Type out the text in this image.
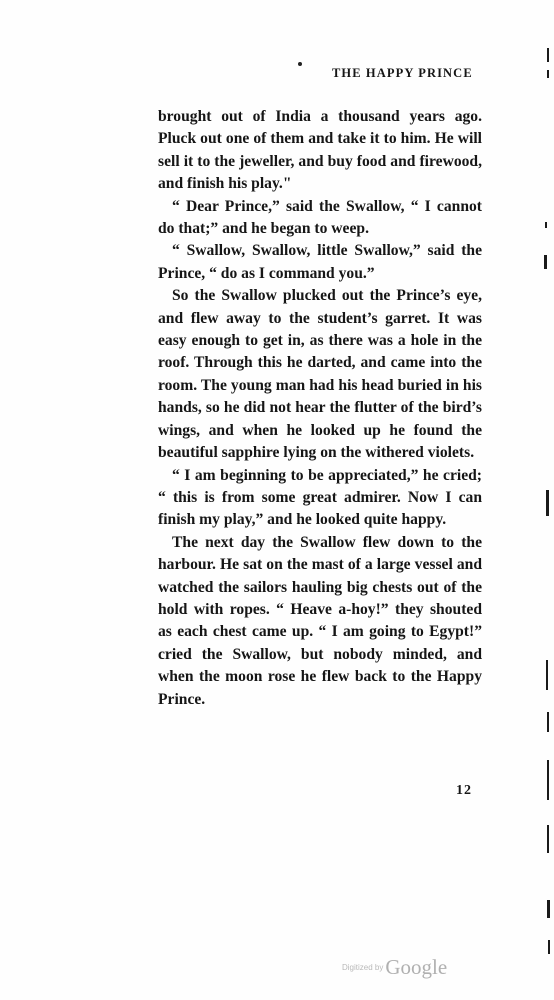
THE HAPPY PRINCE

brought out of India a thousand years ago. Pluck out one of them and take it to him. He will sell it to the jeweller, and buy food and firewood, and finish his play."

“ Dear Prince,” said the Swallow, “ I cannot do that;” and he began to weep.

“ Swallow, Swallow, little Swallow,” said the Prince, “ do as I command you.”

So the Swallow plucked out the Prince’s eye, and flew away to the student’s garret. It was easy enough to get in, as there was a hole in the roof. Through this he darted, and came into the room. The young man had his head buried in his hands, so he did not hear the flutter of the bird’s wings, and when he looked up he found the beautiful sapphire lying on the withered violets.

“ I am beginning to be appreciated,” he cried; “ this is from some great admirer. Now I can finish my play,” and he looked quite happy.

The next day the Swallow flew down to the harbour. He sat on the mast of a large vessel and watched the sailors hauling big chests out of the hold with ropes. “ Heave a-hoy!” they shouted as each chest came up. “ I am going to Egypt!” cried the Swallow, but nobody minded, and when the moon rose he flew back to the Happy Prince.

12
Digitized byGoogle
